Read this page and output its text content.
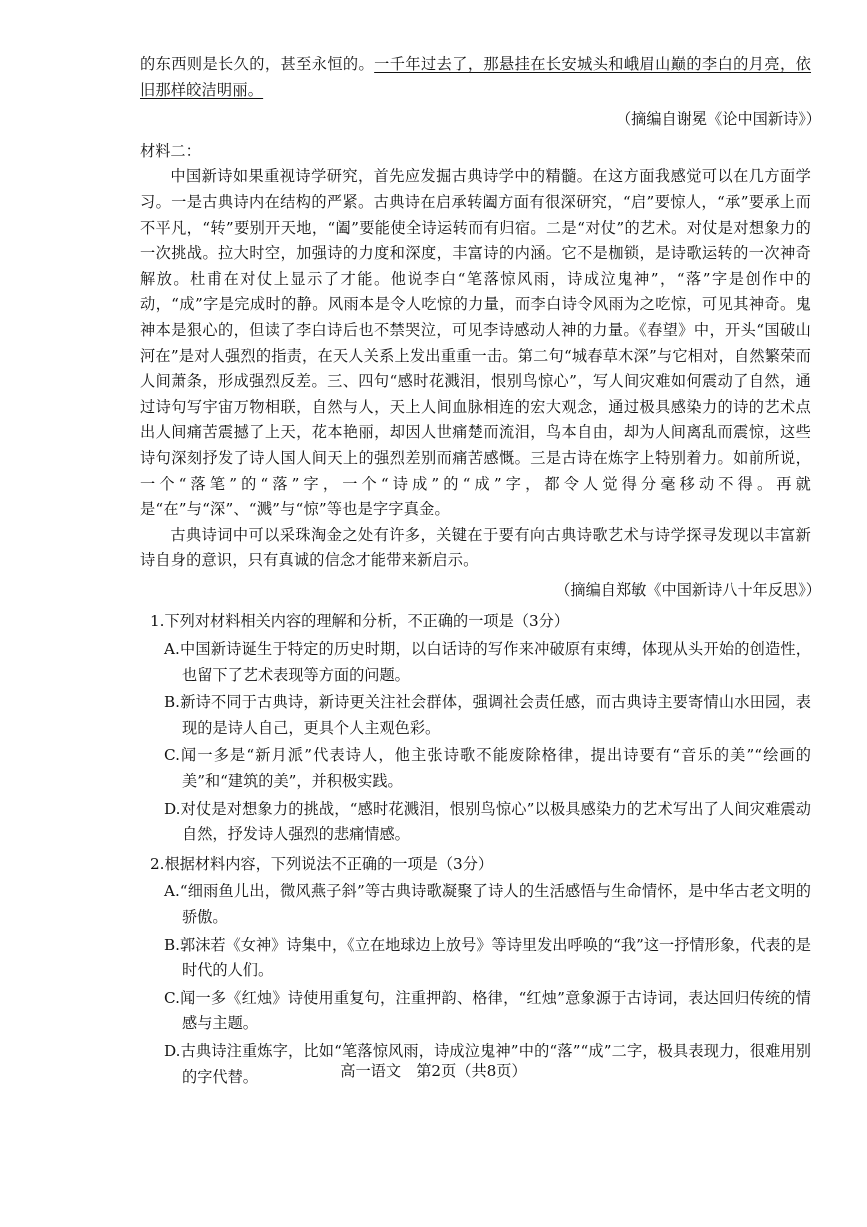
的东西则是长久的，甚至永恒的。一千年过去了，那悬挂在长安城头和峨眉山巅的李白的月亮，依旧那样皎洁明丽。

（摘编自谢冕《论中国新诗》）

材料二：

中国新诗如果重视诗学研究，首先应发掘古典诗学中的精髓。在这方面我感觉可以在几方面学习。一是古典诗内在结构的严紧。古典诗在启承转阖方面有很深研究，“启”要惊人，“承”要承上而不平凡，“转”要别开天地，“阖”要能使全诗运转而有归宿。二是“对仗”的艺术。对仗是对想象力的一次挑战。拉大时空，加强诗的力度和深度，丰富诗的内涵。它不是枷锁，是诗歌运转的一次神奇解放。杜甫在对仗上显示了才能。他说李白“笔落惊风雨，诗成泣鬼神”，“落”字是创作中的动，“成”字是完成时的静。风雨本是令人吃惊的力量，而李白诗令风雨为之吃惊，可见其神奇。鬼神本是狠心的，但读了李白诗后也不禁哭泣，可见李诗感动人神的力量。《春望》中，开头“国破山河在”是对人强烈的指责，在天人关系上发出重重一击。第二句“城春草木深”与它相对，自然繁荣而人间萧条，形成强烈反差。三、四句“感时花溅泪，恨别鸟惊心”，写人间灾难如何震动了自然，通过诗句写宇宙万物相联，自然与人，天上人间血脉相连的宏大观念，通过极具感染力的诗的艺术点出人间痛苦震撼了上天，花本艳丽，却因人世痛楚而流泪，鸟本自由，却为人间离乱而震惊，这些诗句深刻抒发了诗人国人间天上的强烈差别而痛苦感慨。三是古诗在炼字上特别着力。如前所说，一个“落笔”的“落”字，一个“诗成”的“成”字，都令人觉得分毫移动不得。再就是“在”与“深”、“溅”与“惊”等也是字字真金。

古典诗词中可以采珠淘金之处有许多，关键在于要有向古典诗歌艺术与诗学探寻发现以丰富新诗自身的意识，只有真诚的信念才能带来新启示。

（摘编自郑敏《中国新诗八十年反思》）

1.下列对材料相关内容的理解和分析，不正确的一项是（3分）

A.中国新诗诞生于特定的历史时期，以白话诗的写作来冲破原有束缚，体现从头开始的创造性，也留下了艺术表现等方面的问题。

B.新诗不同于古典诗，新诗更关注社会群体，强调社会责任感，而古典诗主要寄情山水田园，表现的是诗人自己，更具个人主观色彩。

C.闻一多是“新月派”代表诗人，他主张诗歌不能废除格律，提出诗要有“音乐的美”“绘画的美”和“建筑的美”，并积极实践。

D.对仗是对想象力的挑战，“感时花溅泪，恨别鸟惊心”以极具感染力的艺术写出了人间灾难震动自然，抒发诗人强烈的悲痛情感。

2.根据材料内容，下列说法不正确的一项是（3分）

A.“细雨鱼儿出，微风燕子斜”等古典诗歌凝聚了诗人的生活感悟与生命情怀，是中华古老文明的骄傲。

B.郭沫若《女神》诗集中，《立在地球边上放号》等诗里发出呼唤的“我”这一抒情形象，代表的是时代的人们。

C.闻一多《红烛》诗使用重复句，注重押韵、格律，“红烛”意象源于古诗词，表达回归传统的情感与主题。

D.古典诗注重炼字，比如“笔落惊风雨，诗成泣鬼神”中的“落”“成”二字，极具表现力，很难用别的字代替。	高一语文　第2页（共8页）
